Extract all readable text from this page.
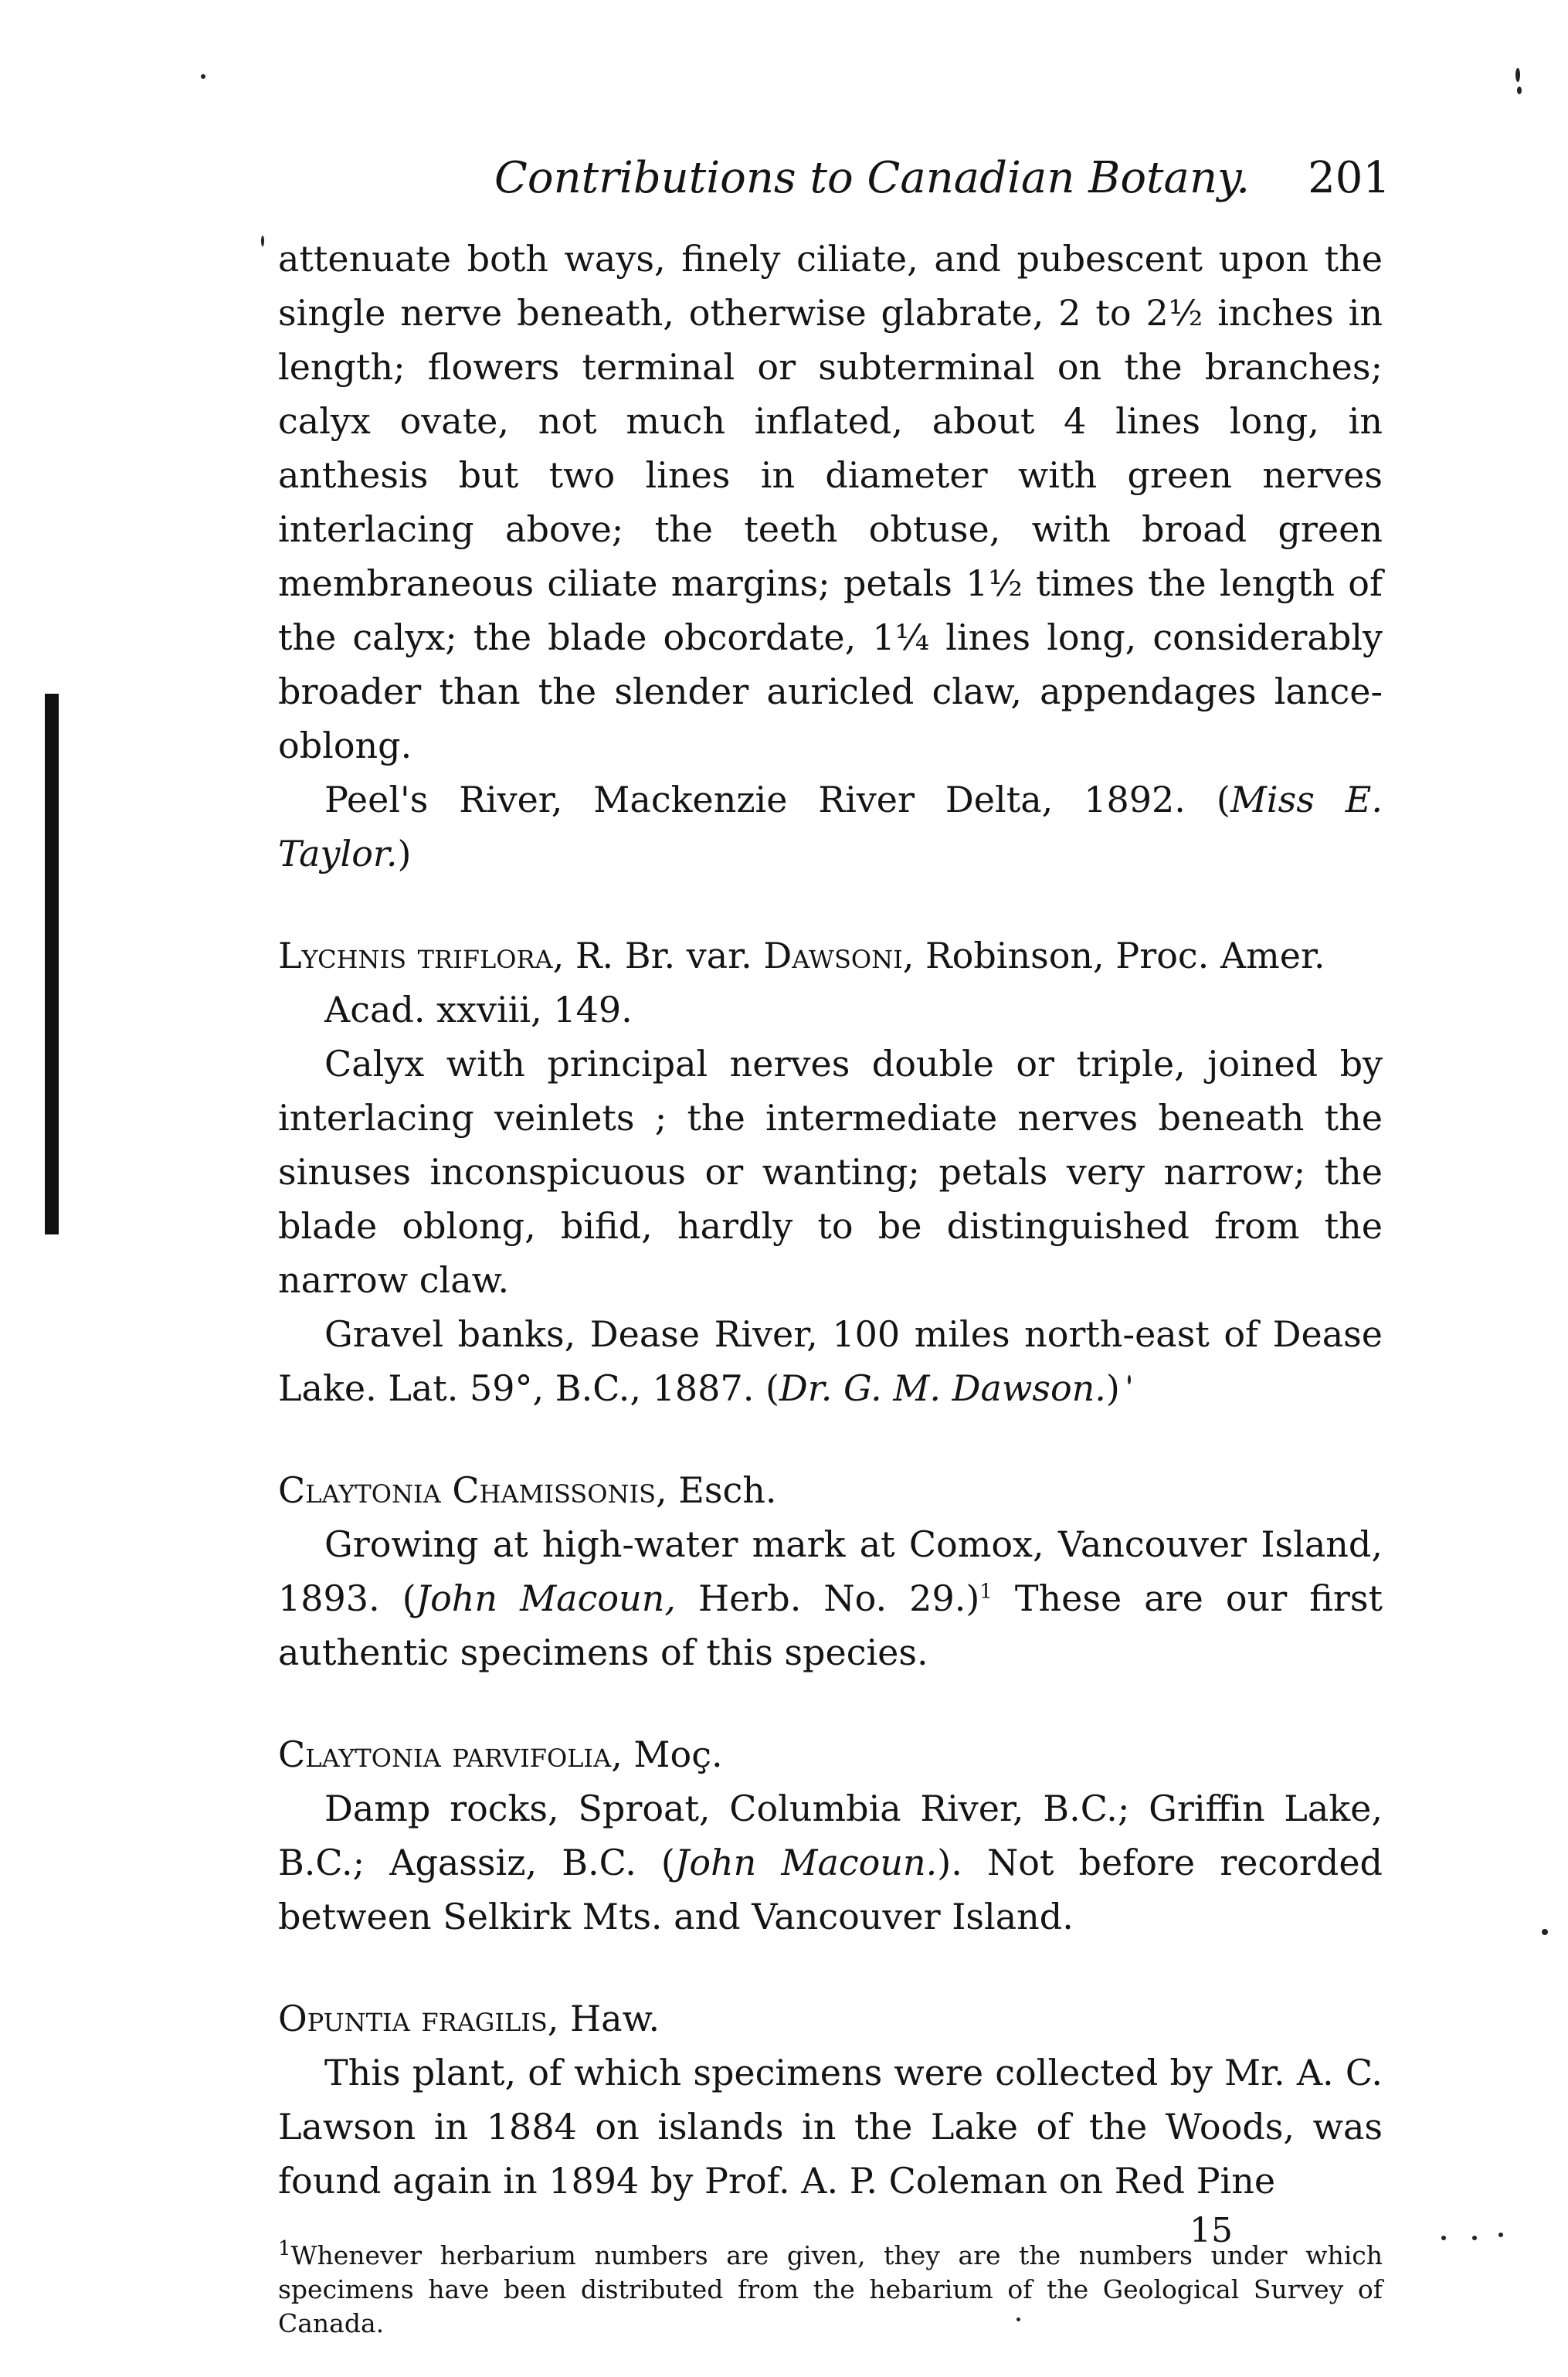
Contributions to Canadian Botany. 201

attenuate both ways, finely ciliate, and pubescent upon the single nerve beneath, otherwise glabrate, 2 to 2½ inches in length; flowers terminal or subterminal on the branches; calyx ovate, not much inflated, about 4 lines long, in anthesis but two lines in diameter with green nerves interlacing above; the teeth obtuse, with broad green membraneous ciliate margins; petals 1½ times the length of the calyx; the blade obcordate, 1¼ lines long, considerably broader than the slender auricled claw, appendages lance-oblong.

Peel's River, Mackenzie River Delta, 1892. (Miss E. Taylor.)

Lychnis triflora, R. Br. var. Dawsoni, Robinson, Proc. Amer. Acad. xxviii, 149.

Calyx with principal nerves double or triple, joined by interlacing veinlets ; the intermediate nerves beneath the sinuses inconspicuous or wanting; petals very narrow; the blade oblong, bifid, hardly to be distinguished from the narrow claw.

Gravel banks, Dease River, 100 miles north-east of Dease Lake. Lat. 59°, B.C., 1887. (Dr. G. M. Dawson.)

Claytonia Chamissonis, Esch.

Growing at high-water mark at Comox, Vancouver Island, 1893. (John Macoun, Herb. No. 29.)$^1$ These are our first authentic specimens of this species.

Claytonia parvifolia, Moç.

Damp rocks, Sproat, Columbia River, B.C.; Griffin Lake, B.C.; Agassiz, B.C. (John Macoun.). Not before recorded between Selkirk Mts. and Vancouver Island.

Opuntia fragilis, Haw.

This plant, of which specimens were collected by Mr. A. C. Lawson in 1884 on islands in the Lake of the Woods, was found again in 1894 by Prof. A. P. Coleman on Red Pine

$^1$Whenever herbarium numbers are given, they are the numbers under which specimens have been distributed from the hebarium of the Geological Survey of Canada.

15
